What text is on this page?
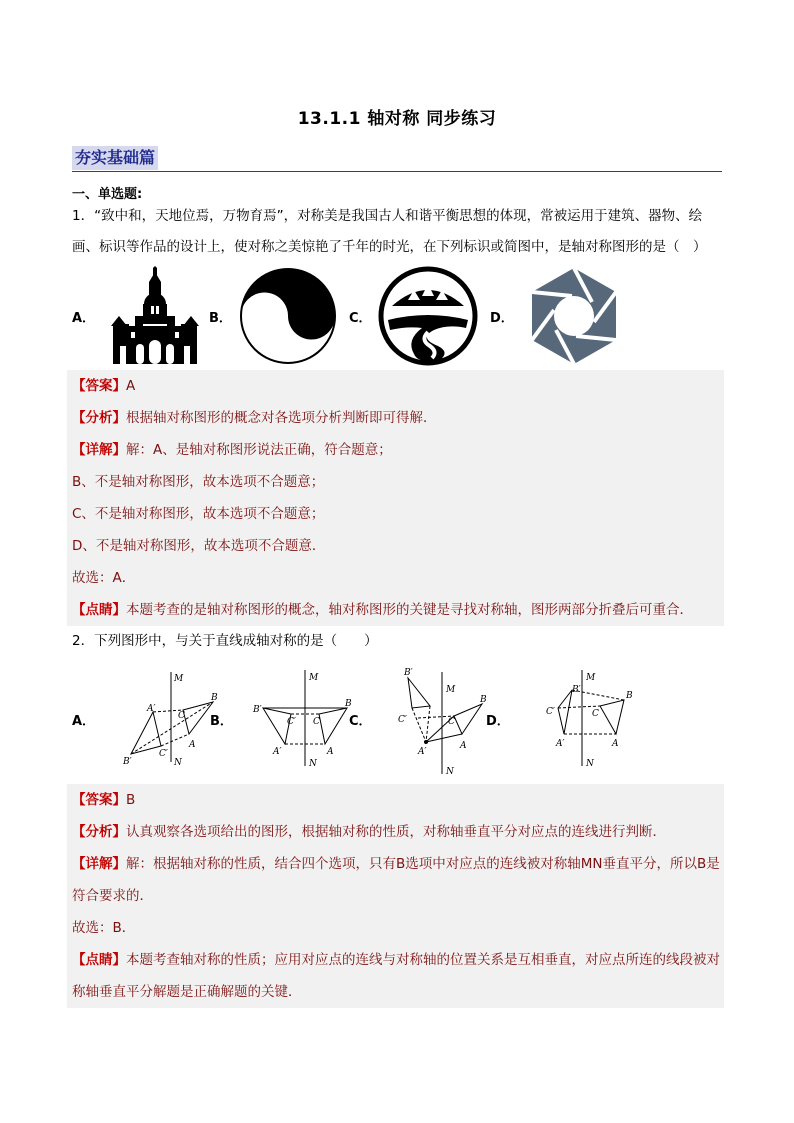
13.1.1 轴对称 同步练习
夯实基础篇
一、单选题:
1．“致中和，天地位焉，万物育焉”，对称美是我国古人和谐平衡思想的体现，常被运用于建筑、器物、绘画、标识等作品的设计上，使对称之美惊艳了千年的时光，在下列标识或简图中，是轴对称图形的是（　）
A．	B．	C．	D．
【答案】A
【分析】根据轴对称图形的概念对各选项分析判断即可得解．
【详解】解：A、是轴对称图形说法正确，符合题意；
B、不是轴对称图形，故本选项不合题意；
C、不是轴对称图形，故本选项不合题意；
D、不是轴对称图形，故本选项不合题意．
故选：A．
【点睛】本题考查的是轴对称图形的概念，轴对称图形的关键是寻找对称轴，图形两部分折叠后可重合．
2．下列图形中，与关于直线成轴对称的是（　　）
A．
M
N
A′
B′
C′
C
B
A
B．
B′
M
N
C′ C
B
A′	A
C．
B′
M
C′	C
B
A′
A
N
D．
M
B′
B
C′	C
A′	A
N
【答案】B
【分析】认真观察各选项给出的图形，根据轴对称的性质，对称轴垂直平分对应点的连线进行判断．
【详解】解：根据轴对称的性质，结合四个选项，只有B选项中对应点的连线被对称轴MN垂直平分，所以B是符合要求的．
故选：B．
【点睛】本题考查轴对称的性质；应用对应点的连线与对称轴的位置关系是互相垂直，对应点所连的线段被对称轴垂直平分解题是正确解题的关键．
